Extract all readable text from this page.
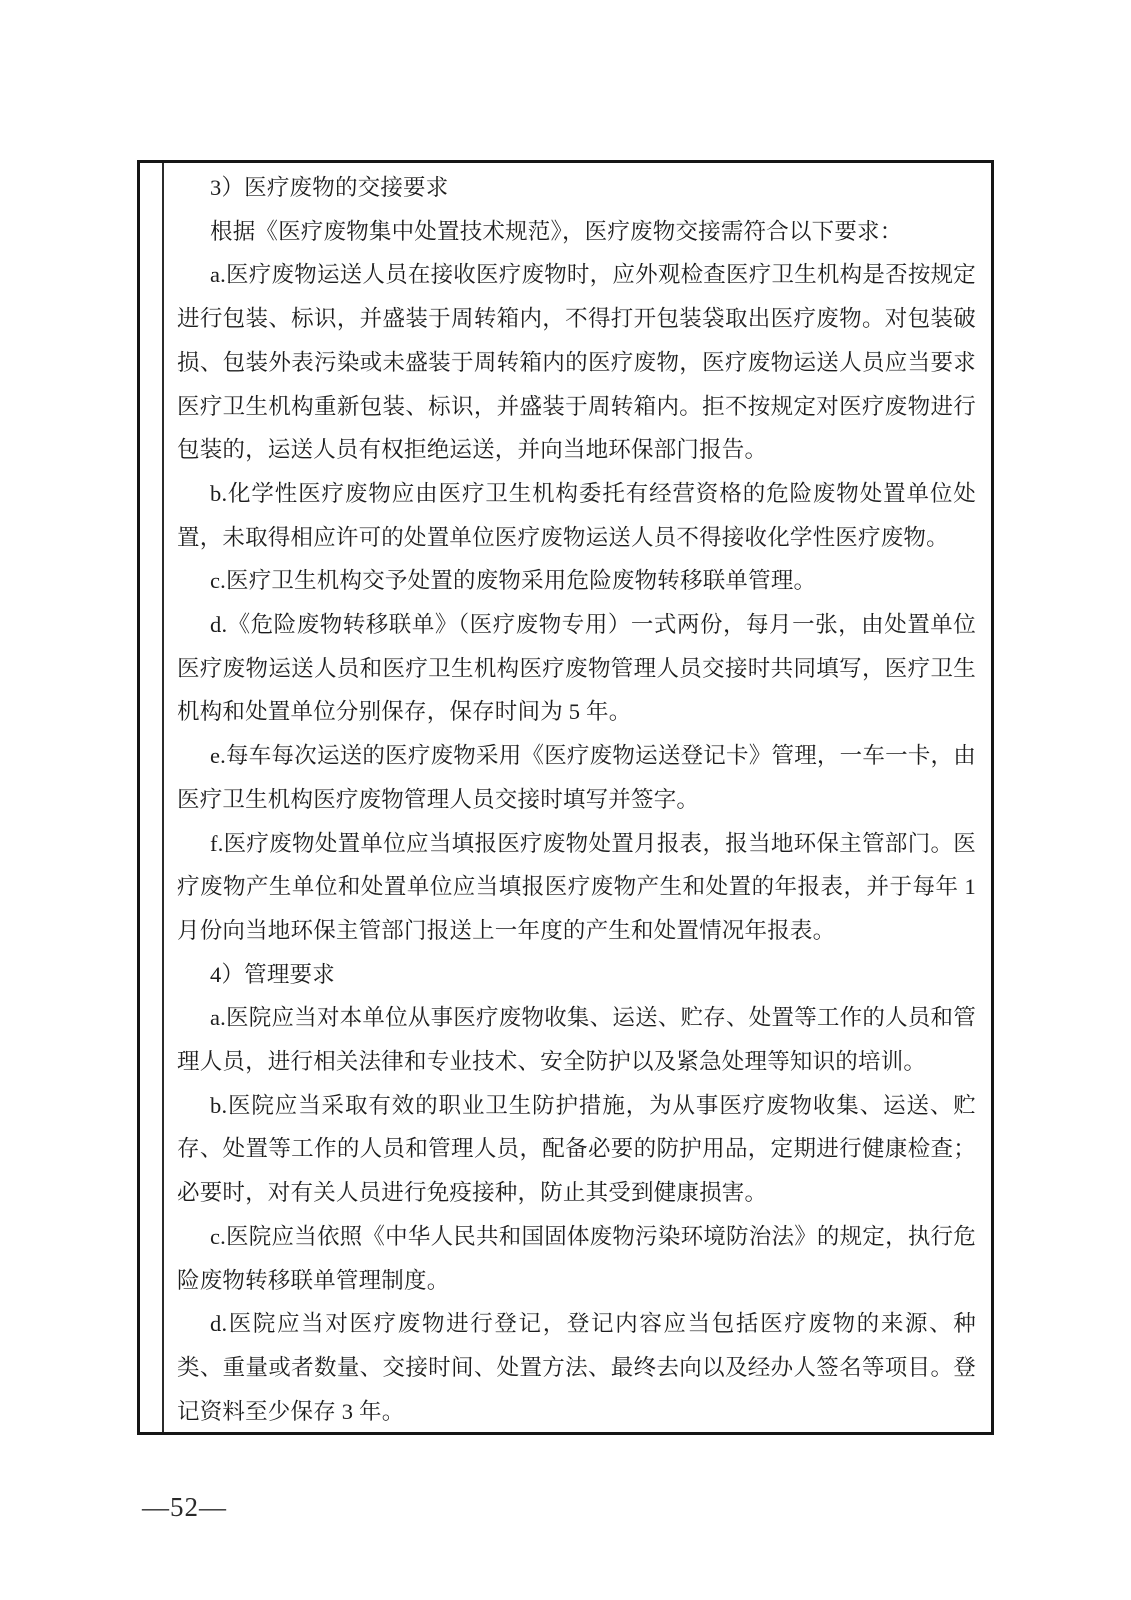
3）医疗废物的交接要求

根据《医疗废物集中处置技术规范》，医疗废物交接需符合以下要求：

a.医疗废物运送人员在接收医疗废物时，应外观检查医疗卫生机构是否按规定进行包装、标识，并盛装于周转箱内，不得打开包装袋取出医疗废物。对包装破损、包装外表污染或未盛装于周转箱内的医疗废物，医疗废物运送人员应当要求医疗卫生机构重新包装、标识，并盛装于周转箱内。拒不按规定对医疗废物进行包装的，运送人员有权拒绝运送，并向当地环保部门报告。

b.化学性医疗废物应由医疗卫生机构委托有经营资格的危险废物处置单位处置，未取得相应许可的处置单位医疗废物运送人员不得接收化学性医疗废物。

c.医疗卫生机构交予处置的废物采用危险废物转移联单管理。

d.《危险废物转移联单》（医疗废物专用）一式两份，每月一张，由处置单位医疗废物运送人员和医疗卫生机构医疗废物管理人员交接时共同填写，医疗卫生机构和处置单位分别保存，保存时间为 5 年。

e.每车每次运送的医疗废物采用《医疗废物运送登记卡》管理，一车一卡，由医疗卫生机构医疗废物管理人员交接时填写并签字。

f.医疗废物处置单位应当填报医疗废物处置月报表，报当地环保主管部门。医疗废物产生单位和处置单位应当填报医疗废物产生和处置的年报表，并于每年 1 月份向当地环保主管部门报送上一年度的产生和处置情况年报表。

4）管理要求

a.医院应当对本单位从事医疗废物收集、运送、贮存、处置等工作的人员和管理人员，进行相关法律和专业技术、安全防护以及紧急处理等知识的培训。

b.医院应当采取有效的职业卫生防护措施，为从事医疗废物收集、运送、贮存、处置等工作的人员和管理人员，配备必要的防护用品，定期进行健康检查；必要时，对有关人员进行免疫接种，防止其受到健康损害。

c.医院应当依照《中华人民共和国固体废物污染环境防治法》的规定，执行危险废物转移联单管理制度。

d.医院应当对医疗废物进行登记，登记内容应当包括医疗废物的来源、种类、重量或者数量、交接时间、处置方法、最终去向以及经办人签名等项目。登记资料至少保存 3 年。

—52—
